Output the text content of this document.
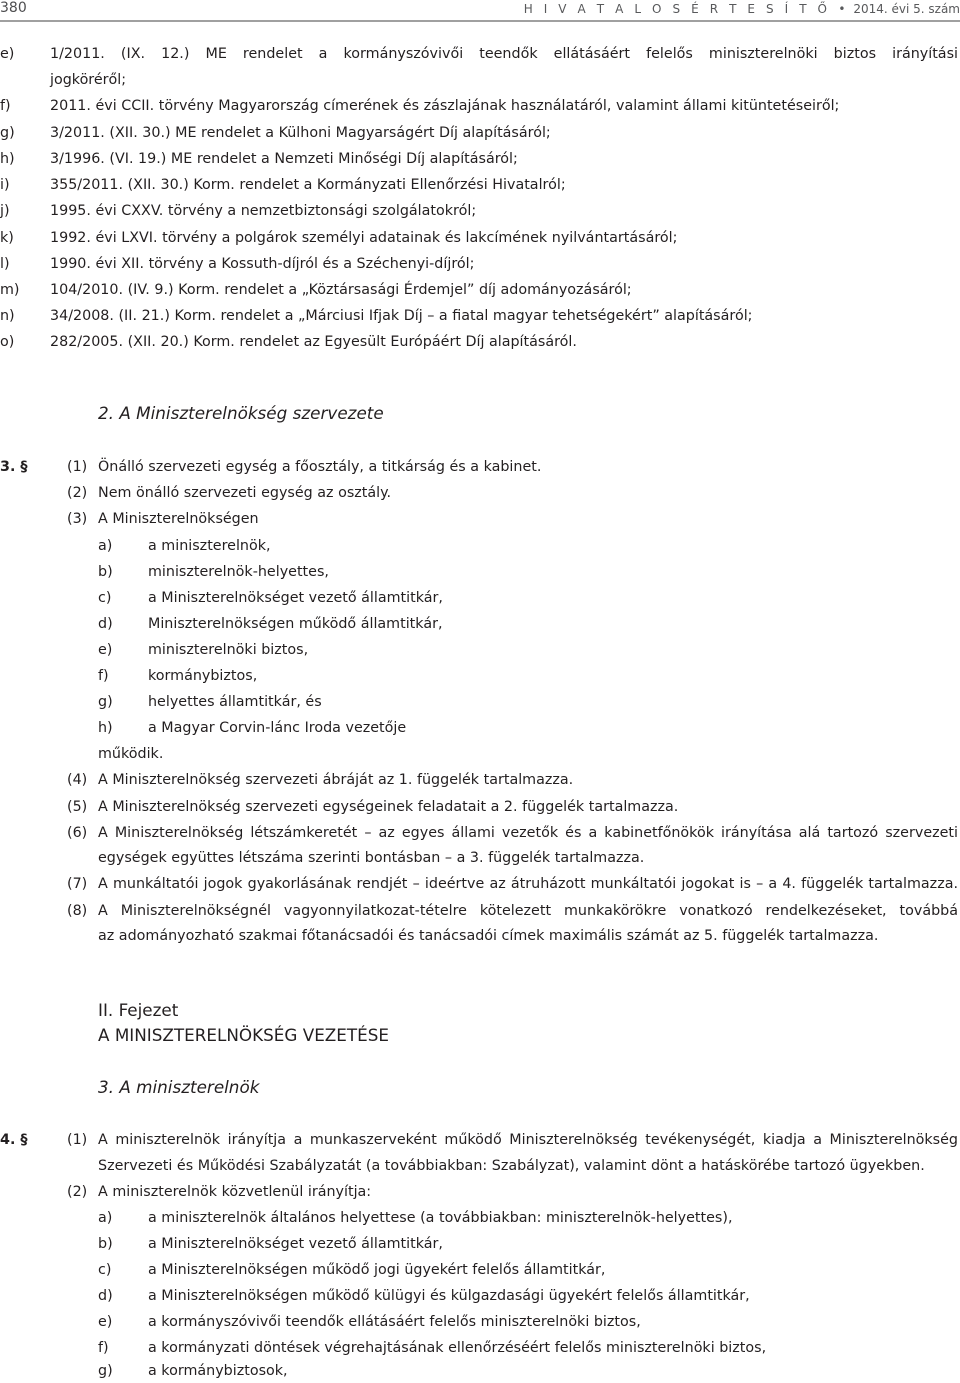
380	H I V A T A L O S É R T E S Í T Ő • 2014. évi 5. szám
e) 1/2011. (IX. 12.) ME rendelet a kormányszóvivői teendők ellátásáért felelős miniszterelnöki biztos irányítási
jogköréről;
f)	2011. évi CCII. törvény Magyarország címerének és zászlajának használatáról, valamint állami kitüntetéseiről;
g) 3/2011. (XII. 30.) ME rendelet a Külhoni Magyarságért Díj alapításáról;
h) 3/1996. (VI. 19.) ME rendelet a Nemzeti Minőségi Díj alapításáról;
i)	355/2011. (XII. 30.) Korm. rendelet a Kormányzati Ellenőrzési Hivatalról;
j)	1995. évi CXXV. törvény a nemzetbiztonsági szolgálatokról;
k)	1992. évi LXVI. törvény a polgárok személyi adatainak és lakcímének nyilvántartásáról;
l)	1990. évi XII. törvény a Kossuth-díjról és a Széchenyi-díjról;
m) 104/2010. (IV. 9.) Korm. rendelet a „Köztársasági Érdemjel” díj adományozásáról;
n) 34/2008. (II. 21.) Korm. rendelet a „Márciusi Ifjak Díj – a fiatal magyar tehetségekért” alapításáról;
o) 282/2005. (XII. 20.) Korm. rendelet az Egyesült Európáért Díj alapításáról.
2. A Miniszterelnökség szervezete
3. §	(1) Önálló szervezeti egység a főosztály, a titkárság és a kabinet.
(2) Nem önálló szervezeti egység az osztály.
(3) A Miniszterelnökségen
a) a miniszterelnök,
b) miniszterelnök-helyettes,
c)	a Miniszterelnökséget vezető államtitkár,
d) Miniszterelnökségen működő államtitkár,
e) miniszterelnöki biztos,
f)	kormánybiztos,
g) helyettes államtitkár, és
h) a Magyar Corvin-lánc Iroda vezetője
működik.
(4) A Miniszterelnökség szervezeti ábráját az 1. függelék tartalmazza.
(5) A Miniszterelnökség szervezeti egységeinek feladatait a 2. függelék tartalmazza.
(6) A Miniszterelnökség létszámkeretét – az egyes állami vezetők és a kabinetfőnökök irányítása alá tartozó szervezeti
egységek együttes létszáma szerinti bontásban – a 3. függelék tartalmazza.
(7) A munkáltatói jogok gyakorlásának rendjét – ideértve az átruházott munkáltatói jogokat is – a 4. függelék tartalmazza.
(8) A Miniszterelnökségnél vagyonnyilatkozat-tételre kötelezett munkakörökre vonatkozó rendelkezéseket, továbbá
az adományozható szakmai főtanácsadói és tanácsadói címek maximális számát az 5. függelék tartalmazza.
II. Fejezet
A MINISZTERELNÖKSÉG VEZETÉSE
3. A miniszterelnök
4. §	(1) A miniszterelnök irányítja a munkaszerveként működő Miniszterelnökség tevékenységét, kiadja a Miniszterelnökség
Szervezeti és Működési Szabályzatát (a továbbiakban: Szabályzat), valamint dönt a hatáskörébe tartozó ügyekben.
(2) A miniszterelnök közvetlenül irányítja:
a) a miniszterelnök általános helyettese (a továbbiakban: miniszterelnök-helyettes),
b) a Miniszterelnökséget vezető államtitkár,
c)	a Miniszterelnökségen működő jogi ügyekért felelős államtitkár,
d) a Miniszterelnökségen működő külügyi és külgazdasági ügyekért felelős államtitkár,
e) a kormányszóvivői teendők ellátásáért felelős miniszterelnöki biztos,
f)	a kormányzati döntések végrehajtásának ellenőrzéséért felelős miniszterelnöki biztos,
g) a kormánybiztosok,
